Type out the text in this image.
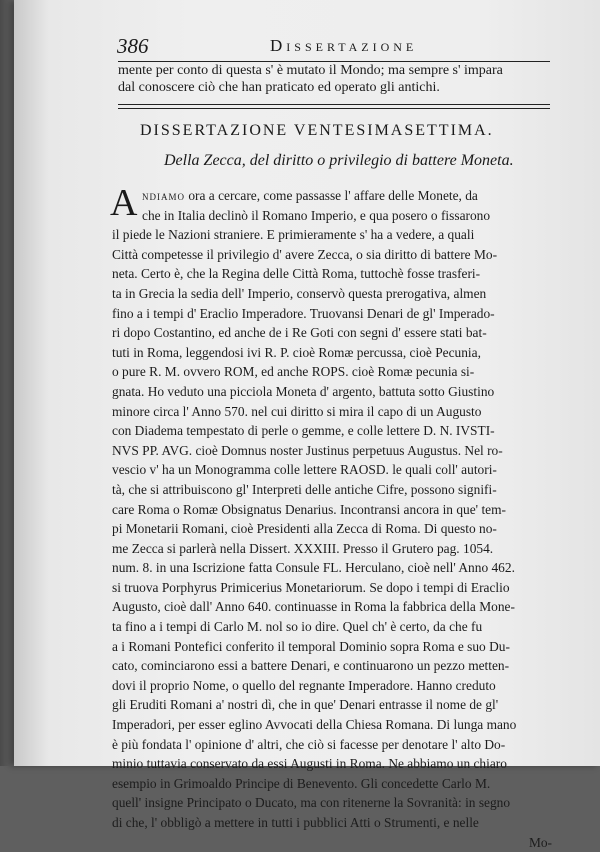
386	Dissertazione
mente per conto di questa s' è mutato il Mondo; ma sempre s' impara
dal conoscere ciò che han praticato ed operato gli antichi.
DISSERTAZIONE VENTESIMASETTIMA.
Della Zecca, del diritto o privilegio di battere Moneta.
A ndiamo ora a cercare, come passasse l' affare delle Monete, da
che in Italia declinò il Romano Imperio, e qua posero o fissarono
il piede le Nazioni straniere. E primieramente s' ha a vedere, a quali
Città competesse il privilegio d' avere Zecca, o sia diritto di battere Mo-
neta. Certo è, che la Regina delle Città Roma, tuttochè fosse trasferi-
ta in Grecia la sedia dell' Imperio, conservò questa prerogativa, almen
fino a i tempi d' Eraclio Imperadore. Truovansi Denari de gl' Imperado-
ri dopo Costantino, ed anche de i Re Goti con segni d' essere stati bat-
tuti in Roma, leggendosi ivi R. P. cioè Romæ percussa, cioè Pecunia,
o pure R. M. ovvero ROM, ed anche ROPS. cioè Romæ pecunia si-
gnata. Ho veduto una picciola Moneta d' argento, battuta sotto Giustino
minore circa l' Anno 570. nel cui diritto si mira il capo di un Augusto
con Diadema tempestato di perle o gemme, e colle lettere D. N. IVSTI-
NVS PP. AVG. cioè Domnus noster Justinus perpetuus Augustus. Nel ro-
vescio v' ha un Monogramma colle lettere RAOSD. le quali coll' autori-
tà, che si attribuiscono gl' Interpreti delle antiche Cifre, possono signifi-
care Roma o Romæ Obsignatus Denarius. Incontransi ancora in que' tem-
pi Monetarii Romani, cioè Presidenti alla Zecca di Roma. Di questo no-
me Zecca si parlerà nella Dissert. XXXIII. Presso il Grutero pag. 1054.
num. 8. in una Iscrizione fatta Consule FL. Herculano, cioè nell' Anno 462.
si truova Porphyrus Primicerius Monetariorum. Se dopo i tempi di Eraclio
Augusto, cioè dall' Anno 640. continuasse in Roma la fabbrica della Mone-
ta fino a i tempi di Carlo M. nol so io dire. Quel ch' è certo, da che fu
a i Romani Pontefici conferito il temporal Dominio sopra Roma e suo Du-
cato, cominciarono essi a battere Denari, e continuarono un pezzo metten-
dovi il proprio Nome, o quello del regnante Imperadore. Hanno creduto
gli Eruditi Romani a' nostri dì, che in que' Denari entrasse il nome de gl'
Imperadori, per esser eglino Avvocati della Chiesa Romana. Di lunga mano
è più fondata l' opinione d' altri, che ciò si facesse per denotare l' alto Do-
minio tuttavia conservato da essi Augusti in Roma. Ne abbiamo un chiaro
esempio in Grimoaldo Principe di Benevento. Gli concedette Carlo M.
quell' insigne Principato o Ducato, ma con ritenerne la Sovranità: in segno
di che, l' obbligò a mettere in tutti i pubblici Atti o Strumenti, e nelle
Mo-
